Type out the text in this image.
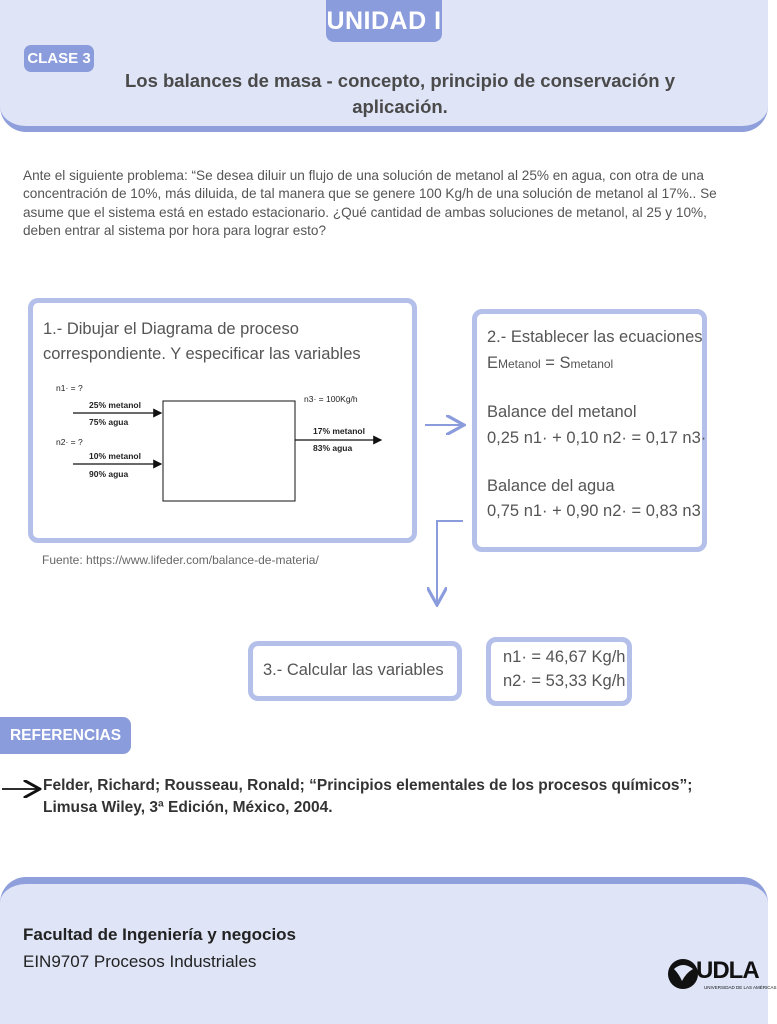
UNIDAD I
CLASE 3
Los balances de masa - concepto, principio de conservación y
aplicación.
Ante el siguiente problema: “Se desea diluir un flujo de una solución de metanol al 25% en agua, con otra de una concentración de 10%, más diluida, de tal manera que se genere 100 Kg/h de una solución de metanol al 17%.. Se asume que el sistema está en estado estacionario. ¿Qué cantidad de ambas soluciones de metanol, al 25 y 10%, deben entrar al sistema por hora para lograr esto?
1.- Dibujar el Diagrama de proceso correspondiente. Y especificar las variables
n1· = ?
25% metanol
75% agua
n2· = ?
10% metanol
90% agua
n3· = 100Kg/h
17% metanol
83% agua
Fuente: https://www.lifeder.com/balance-de-materia/
2.- Establecer las ecuaciones
EMetanol = Smetanol
Balance del metanol
0,25 n1· + 0,10 n2· = 0,17 n3·
Balance del agua
0,75 n1· + 0,90 n2· = 0,83 n3
3.- Calcular las variables
n1· = 46,67 Kg/h
n2· = 53,33 Kg/h
REFERENCIAS
Felder, Richard; Rousseau, Ronald; “Principios elementales de los procesos químicos”; Limusa Wiley, 3ª Edición, México, 2004.
Facultad de Ingeniería y negocios
EIN9707 Procesos Industriales	UDLA
UNIVERSIDAD DE LAS AMÉRICAS
